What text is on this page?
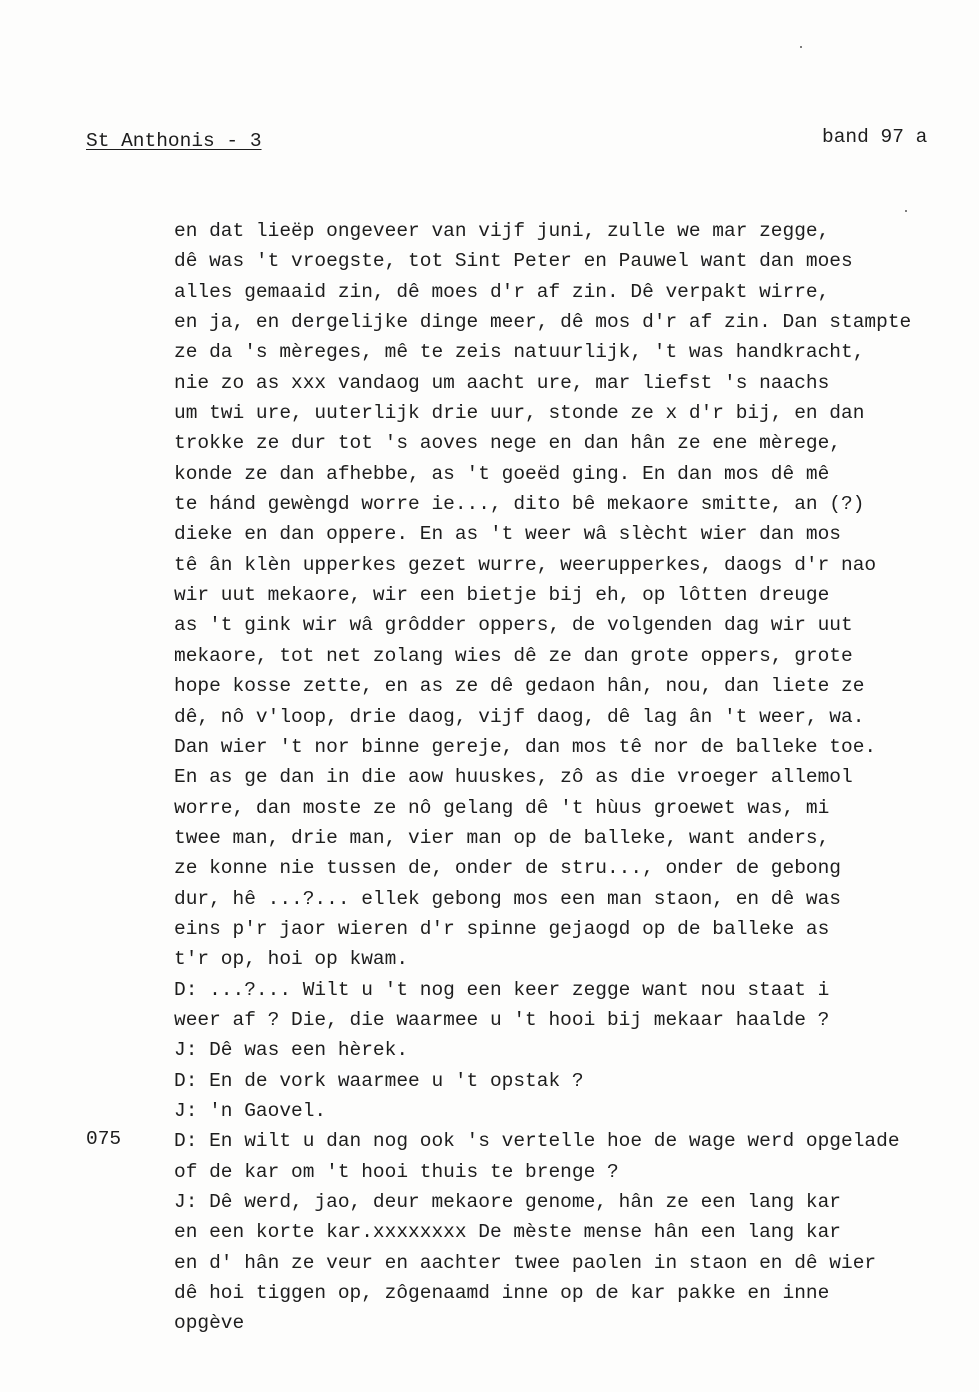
St Anthonis - 3	band 97 a
075
en dat lieëp ongeveer van vijf juni, zulle we mar zegge,
dê was 't vroegste, tot Sint Peter en Pauwel want dan moes
alles gemaaid zin, dê moes d'r af zin. Dê verpakt wirre,
en ja, en dergelijke dinge meer, dê mos d'r af zin. Dan stampte
ze da 's mèreges, mê te zeis natuurlijk, 't was handkracht,
nie zo as xxx vandaog um aacht ure, mar liefst 's naachs
um twi ure, uuterlijk drie uur, stonde ze x d'r bij, en dan
trokke ze dur tot 's aoves nege en dan hân ze ene mèrege,
konde ze dan afhebbe, as 't goeëd ging. En dan mos dê mê
te hánd gewèngd worre ie..., dito bê mekaore smitte, an (?)
dieke en dan oppere. En as 't weer wâ slècht wier dan mos
tê ân klèn upperkes gezet wurre, weerupperkes, daogs d'r nao
wir uut mekaore, wir een bietje bij eh, op lôtten dreuge
as 't gink wir wâ grôdder oppers, de volgenden dag wir uut
mekaore, tot net zolang wies dê ze dan grote oppers, grote
hope kosse zette, en as ze dê gedaon hân, nou, dan liete ze
dê, nô v'loop, drie daog, vijf daog, dê lag ân 't weer, wa.
Dan wier 't nor binne gereje, dan mos tê nor de balleke toe.
En as ge dan in die aow huuskes, zô as die vroeger allemol
worre, dan moste ze nô gelang dê 't hùus groewet was, mi
twee man, drie man, vier man op de balleke, want anders,
ze konne nie tussen de, onder de stru..., onder de gebong
dur, hê ...?... ellek gebong mos een man staon, en dê was
eins p'r jaor wieren d'r spinne gejaogd op de balleke as
t'r op, hoi op kwam.
D: ...?... Wilt u 't nog een keer zegge want nou staat i
weer af ? Die, die waarmee u 't hooi bij mekaar haalde ?
J: Dê was een hèrek.
D: En de vork waarmee u 't opstak ?
J: 'n Gaovel.
D: En wilt u dan nog ook 's vertelle hoe de wage werd opgelade
of de kar om 't hooi thuis te brenge ?
J: Dê werd, jao, deur mekaore genome, hân ze een lang kar
en een korte kar.xxxxxxxx De mèste mense hân een lang kar
en d' hân ze veur en aachter twee paolen in staon en dê wier
dê hoi tiggen op, zôgenaamd inne op de kar pakke en inne
opgève
